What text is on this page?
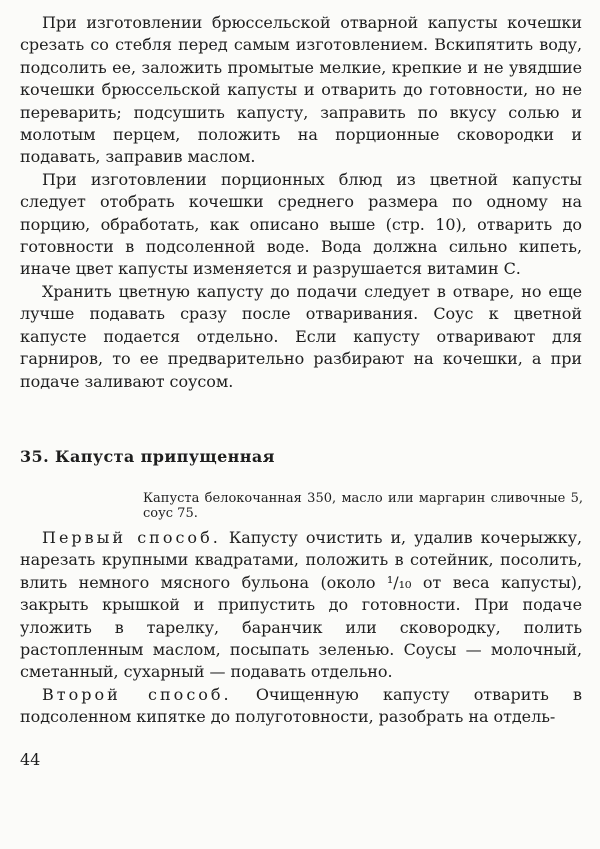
При изготовлении брюссельской отварной капусты кочешки срезать со стебля перед самым изготовлением. Вскипятить воду, подсолить ее, заложить промытые мелкие, крепкие и не увядшие кочешки брюссельской капусты и отварить до готовности, но не переварить; подсушить капусту, заправить по вкусу солью и молотым перцем, положить на порционные сковородки и подавать, заправив маслом.

При изготовлении порционных блюд из цветной капусты следует отобрать кочешки среднего размера по одному на порцию, обработать, как описано выше (стр. 10), отварить до готовности в подсоленной воде. Вода должна сильно кипеть, иначе цвет капусты изменяется и разрушается витамин С.

Хранить цветную капусту до подачи следует в отваре, но еще лучше подавать сразу после отваривания. Соус к цветной капусте подается отдельно. Если капусту отваривают для гарниров, то ее предварительно разбирают на кочешки, а при подаче заливают соусом.

35. Капуста припущенная

Капуста белокочанная 350, масло или маргарин сливочные 5, соус 75.

Первый способ. Капусту очистить и, удалив кочерыжку, нарезать крупными квадратами, положить в сотейник, посолить, влить немного мясного бульона (около ¹/₁₀ от веса капусты), закрыть крышкой и припустить до готовности. При подаче уложить в тарелку, баранчик или сковородку, полить растопленным маслом, посыпать зеленью. Соусы — молочный, сметанный, сухарный — подавать отдельно.

Второй способ. Очищенную капусту отварить в подсоленном кипятке до полуготовности, разобрать на отдель-

44
